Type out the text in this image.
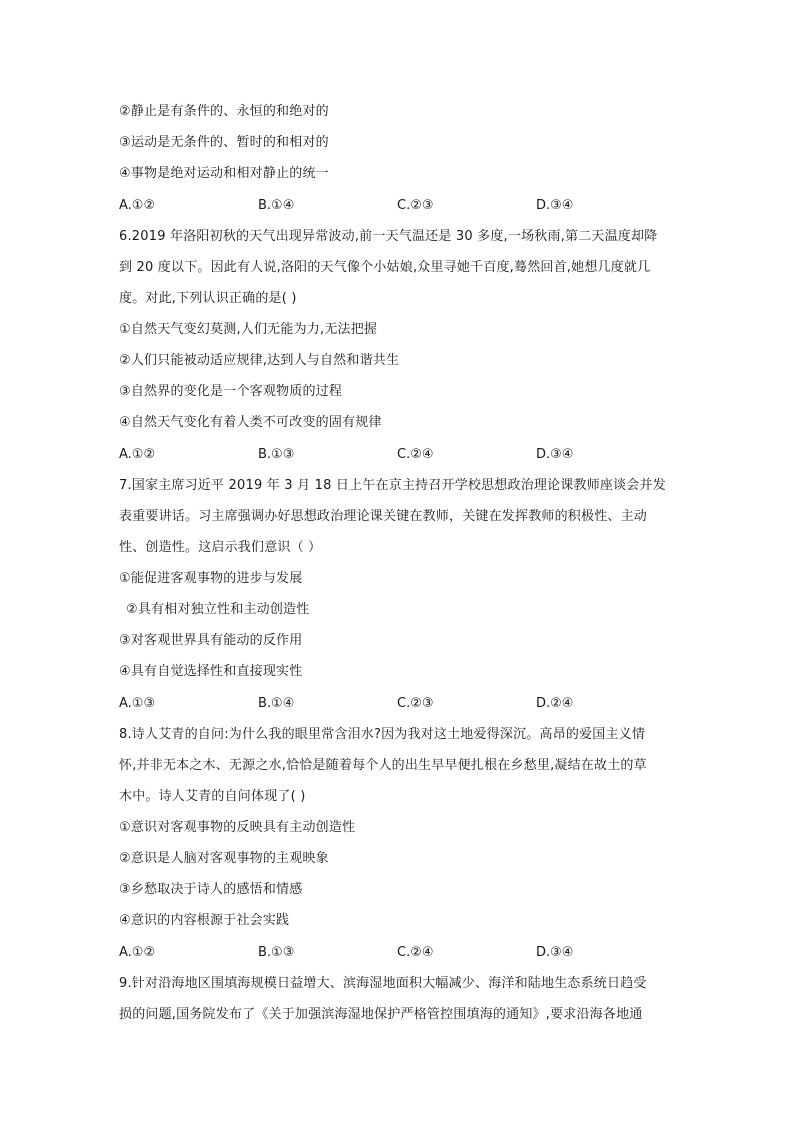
②静止是有条件的、永恒的和绝对的
③运动是无条件的、暂时的和相对的
④事物是绝对运动和相对静止的统一
A.①②	B.①④	C.②③	D.③④
6.2019 年洛阳初秋的天气出现异常波动,前一天气温还是 30 多度,一场秋雨,第二天温度却降
到 20 度以下。因此有人说,洛阳的天气像个小姑娘,众里寻她千百度,蓦然回首,她想几度就几
度。对此,下列认识正确的是( )
①自然天气变幻莫测,人们无能为力,无法把握
②人们只能被动适应规律,达到人与自然和谐共生
③自然界的变化是一个客观物质的过程
④自然天气变化有着人类不可改变的固有规律
A.①②	B.①③	C.②④	D.③④
7.国家主席习近平 2019 年 3 月 18 日上午在京主持召开学校思想政治理论课教师座谈会并发
表重要讲话。习主席强调办好思想政治理论课关键在教师，关键在发挥教师的积极性、主动
性、创造性。这启示我们意识（ ）
①能促进客观事物的进步与发展
②具有相对独立性和主动创造性
③对客观世界具有能动的反作用
④具有自觉选择性和直接现实性
A.①③	B.①④	C.②③	D.②④
8.诗人艾青的自问:为什么我的眼里常含泪水?因为我对这土地爱得深沉。高昂的爱国主义情
怀,并非无本之木、无源之水,恰恰是随着每个人的出生早早便扎根在乡愁里,凝结在故土的草
木中。诗人艾青的自问体现了( )
①意识对客观事物的反映具有主动创造性
②意识是人脑对客观事物的主观映象
③乡愁取决于诗人的感悟和情感
④意识的内容根源于社会实践
A.①②	B.①③	C.②④	D.③④
9.针对沿海地区围填海规模日益增大、滨海湿地面积大幅减少、海洋和陆地生态系统日趋受
损的问题,国务院发布了《关于加强滨海湿地保护严格管控围填海的通知》,要求沿海各地通
